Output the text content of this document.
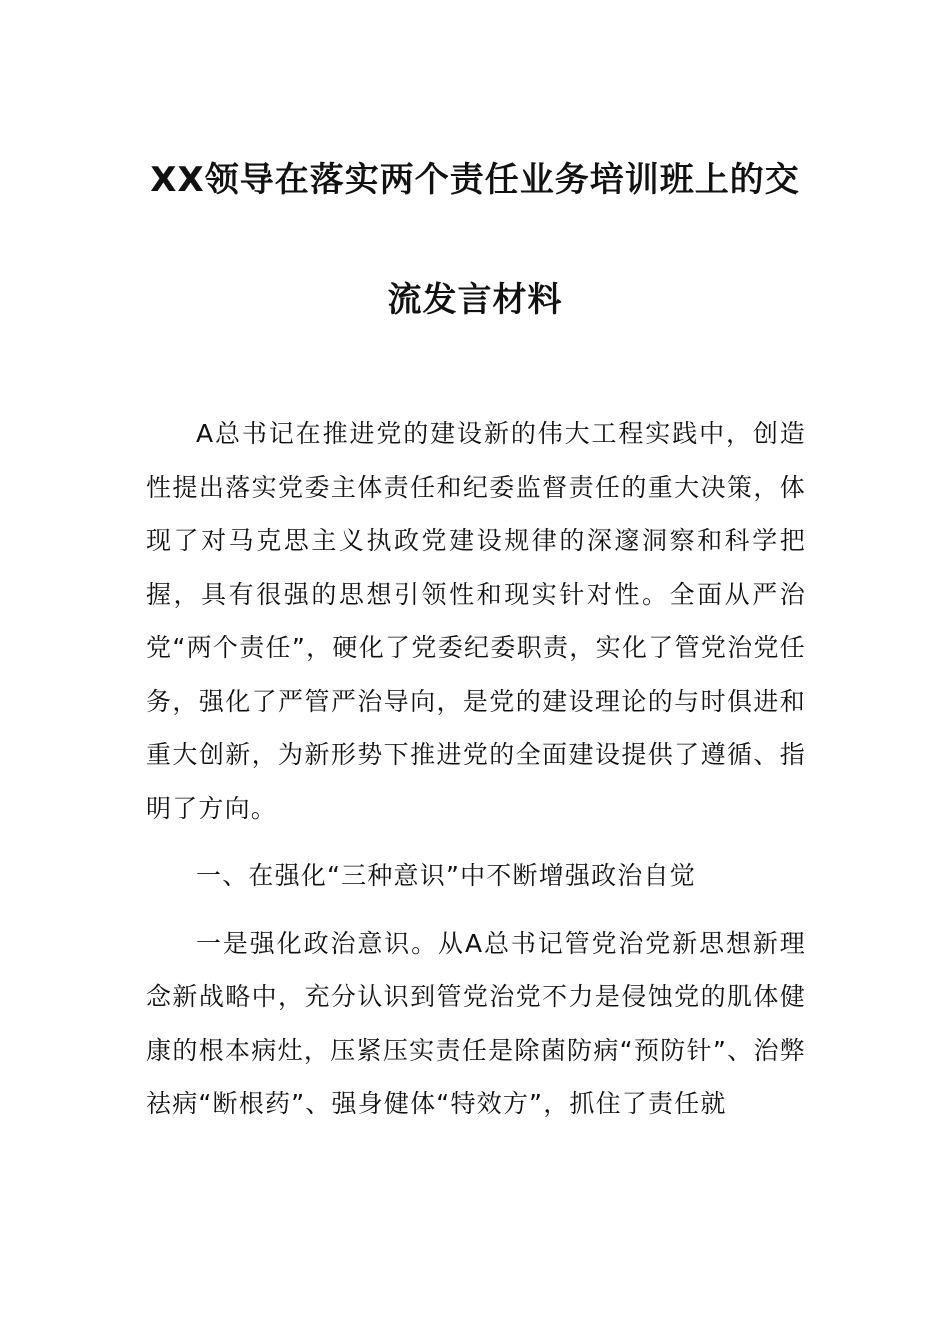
XX领导在落实两个责任业务培训班上的交
流发言材料

A总书记在推进党的建设新的伟大工程实践中，创造性提出落实党委主体责任和纪委监督责任的重大决策，体现了对马克思主义执政党建设规律的深邃洞察和科学把握，具有很强的思想引领性和现实针对性。全面从严治党“两个责任”，硬化了党委纪委职责，实化了管党治党任务，强化了严管严治导向，是党的建设理论的与时俱进和重大创新，为新形势下推进党的全面建设提供了遵循、指明了方向。

一、在强化“三种意识”中不断增强政治自觉

一是强化政治意识。从A总书记管党治党新思想新理念新战略中，充分认识到管党治党不力是侵蚀党的肌体健康的根本病灶，压紧压实责任是除菌防病“预防针”、治弊祛病“断根药”、强身健体“特效方”，抓住了责任就
